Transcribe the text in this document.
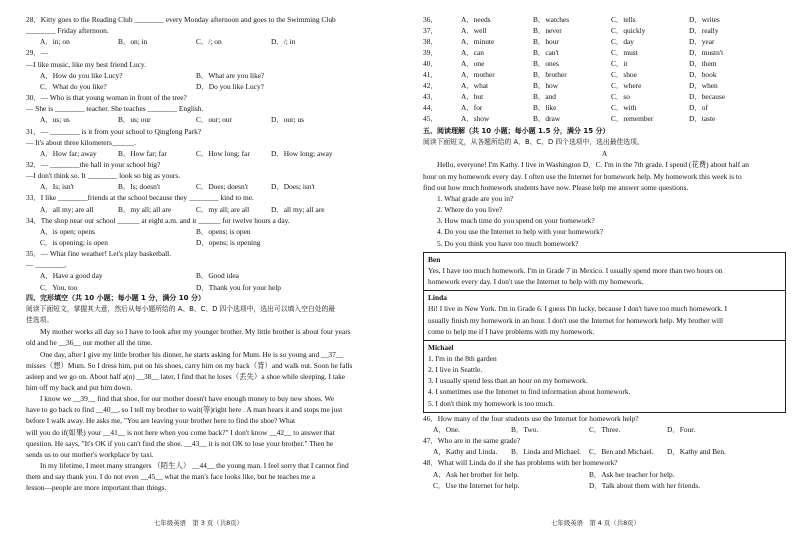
28．Kitty goes to the Reading Club ________ every Monday afternoon and goes to the Swimming Club
________ Friday afternoon.
A．in; on	B．on; in	C．/; on	D．/; in
29．—
—I like music, like my best friend Lucy.
A．How do you like Lucy?	B．What are you like?
C．What do you like?	D．Do you like Lucy?
30．— Who is that young woman in front of the tree?
— She is ________ teacher. She teaches ________ English.
A．us; us	B．us; our	C．our; our	D．our; us
31．— ________ is it from your school to Qingfeng Park?
— It's about three kilometers______.
A．How far; away	B．How far; far	C．How long; far	D．How long; away
32．— ________the hall in your school big?
—I don't think so. It ________ look so big as yours.
A．Is; isn't	B．Is; doesn't	C．Does; doesn't	D．Does; isn't
33．I like ________friends at the school because they ________ kind to me.
A．all my; are all	B．my all; all are	C．my all; are all	D．all my; all are
34．The shop near our school ______ at eight a.m. and it ______ for twelve hours a day.
A．is open; opens	B．opens; is open
C．is opening; is open	D．opens; is opening
35．— What fine weather! Let's play basketball.
— ________.
A．Have a good day	B．Good idea
C．You, too	D．Thank you for your help
四、完形填空（共 10 小题；每小题 1 分，满分 10 分）
阅读下面短文，掌握其大意，然后从每小题所给的 A、B、C、D 四个选项中，选出可以填入空白处的最
佳选项。
My mother works all day so I have to look after my younger brother. My little brother is about four years
old and he __36__ our mother all the time.
One day, after I give my little brother his dinner, he starts asking for Mum. He is so young and __37__
misses（想）Mum. So I dress him, put on his shoes, carry him on my back（背）and walk out. Soon he falls
asleep and we go on. About half a(n) __38__ later, I find that he loses（丢失）a shoe while sleeping. I take
him off my back and put him down.
I know we __39__ find that shoe, for our mother doesn't have enough money to buy new shoes. We
have to go back to find __40__, so I tell my brother to wait(等)right here . A man hears it and stops me just
before I walk away. He asks me, "You are leaving your brother here to find the shoe? What
will you do if(如果) your __41__ is not here when you come back?" I don't know __42__ to answer that
question. He says, "It's OK if you can't find the shoe. __43__ it is not OK to lose your brother." Then he
sends us to our mother's workplace by taxi.
In my lifetime, I meet many strangers （陌生人） __44__ the young man. I feel sorry that I cannot find
them and say thank you. I do not even __45__ what the man's face looks like, but he teaches me a
lesson—people are more important than things.
七年级英语　第 3 页（共8页）
36．	A．needs	B．watches	C．tells	D．writes
37．	A．well	B．never	C．quickly	D．really
38．	A．minute	B．hour	C．day	D．year
39．	A．can	B．can't	C．must	D．mustn't
40．	A．one	B．ones	C．it	D．them
41．	A．mother	B．brother	C．shoe	D．book
42．	A．what	B．how	C．where	D．when
43．	A．but	B．and	C．so	D．because
44．	A．for	B．like	C．with	D．of
45．	A．show	B．draw	C．remember	D．taste
五、阅读理解（共 10 小题；每小题 1.5 分，满分 15 分）
阅读下面短文，从各题所给的 A、B、C、D 四个选项中，选出最佳选项。
A
Hello, everyone! I'm Kathy. I live in Washington D．C. I'm in the 7th grade. I spend (花费) about half an
hour on my homework every day. I often use the Internet for homework help. My homework this week is to
find out how much homework students have now. Please help me answer some questions.
1. What grade are you in?
2. Where do you live?
3. How much time do you spend on your homework?
4. Do you use the Internet to help with your homework?
5. Do you think you have too much homework?
Ben
Yes, I have too much homework. I'm in Grade 7 in Mexico. I usually spend more than two hours on
homework every day. I don't use the Internet to help with my homework.
Linda
Hi! I live in New York. I'm in Grade 6. I guess I'm lucky, because I don't have too much homework. I
usually finish my homework in an hour. I don't use the Internet for homework help. My brother will
come to help me if I have problems with my homework.
Michael
1. I'm in the 8th garden
2. I live in Seattle.
3. I usually spend less than an hour on my homework.
4. I sometimes use the Internet to find information about homework.
5. I don't think my homework is too much.
46．How many of the four students use the Internet for homework help?
A．One.	B．Two.	C．Three.	D．Four.
47．Who are in the same grade?
A．Kathy and Linda. B．Linda and Michael. C．Ben and Michael. D．Kathy and Ben.
48．What will Linda do if she has problems with her homework?
A．Ask her brother for help.	B．Ask her teacher for help.
C．Use the Internet for help.	D．Talk about them with her friends.
七年级英语　第 4 页（共8页）
